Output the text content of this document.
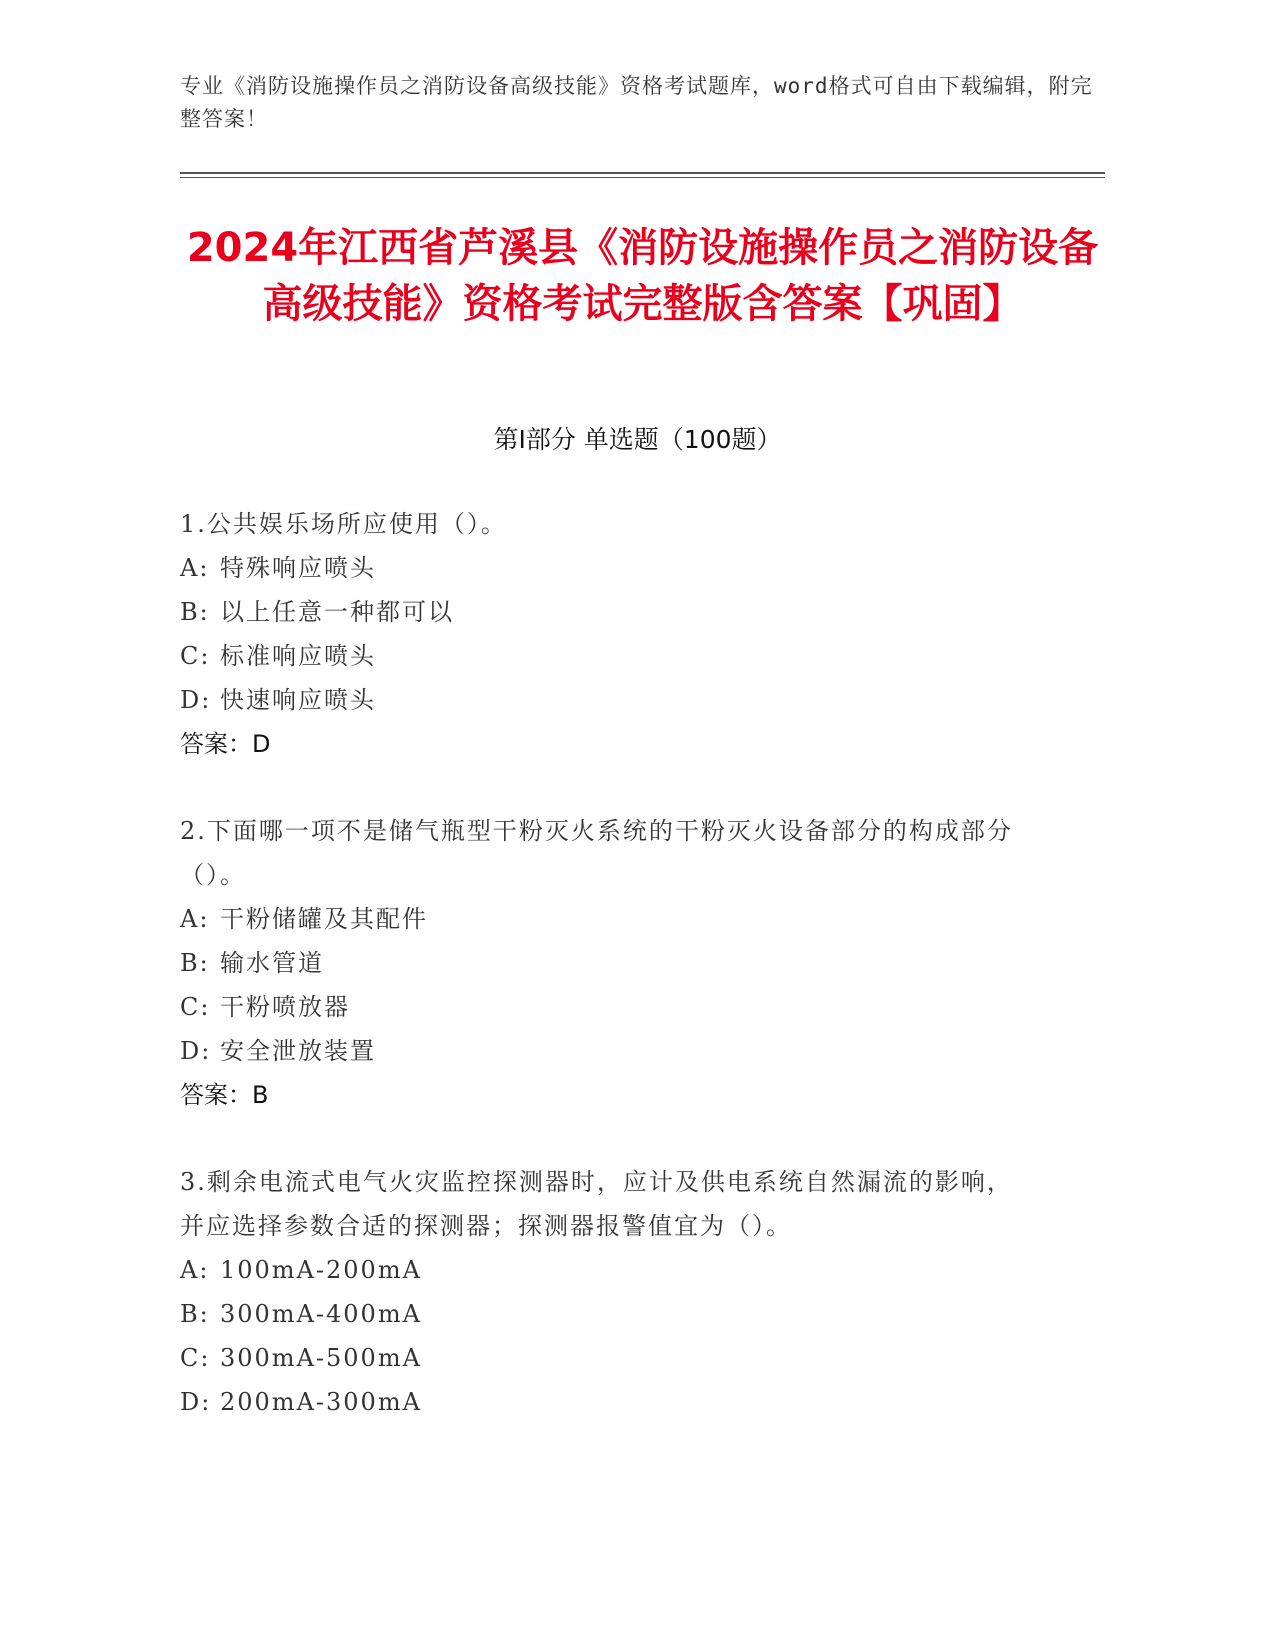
专业《消防设施操作员之消防设备高级技能》资格考试题库，word格式可自由下载编辑，附完整答案！
2024年江西省芦溪县《消防设施操作员之消防设备高级技能》资格考试完整版含答案【巩固】
第I部分 单选题（100题）
1.公共娱乐场所应使用（）。
A: 特殊响应喷头
B: 以上任意一种都可以
C: 标准响应喷头
D: 快速响应喷头
答案：D
2.下面哪一项不是储气瓶型干粉灭火系统的干粉灭火设备部分的构成部分（）。
A: 干粉储罐及其配件
B: 输水管道
C: 干粉喷放器
D: 安全泄放装置
答案：B
3.剩余电流式电气火灾监控探测器时，应计及供电系统自然漏流的影响，并应选择参数合适的探测器；探测器报警值宜为（）。
A: 100mA-200mA
B: 300mA-400mA
C: 300mA-500mA
D: 200mA-300mA
